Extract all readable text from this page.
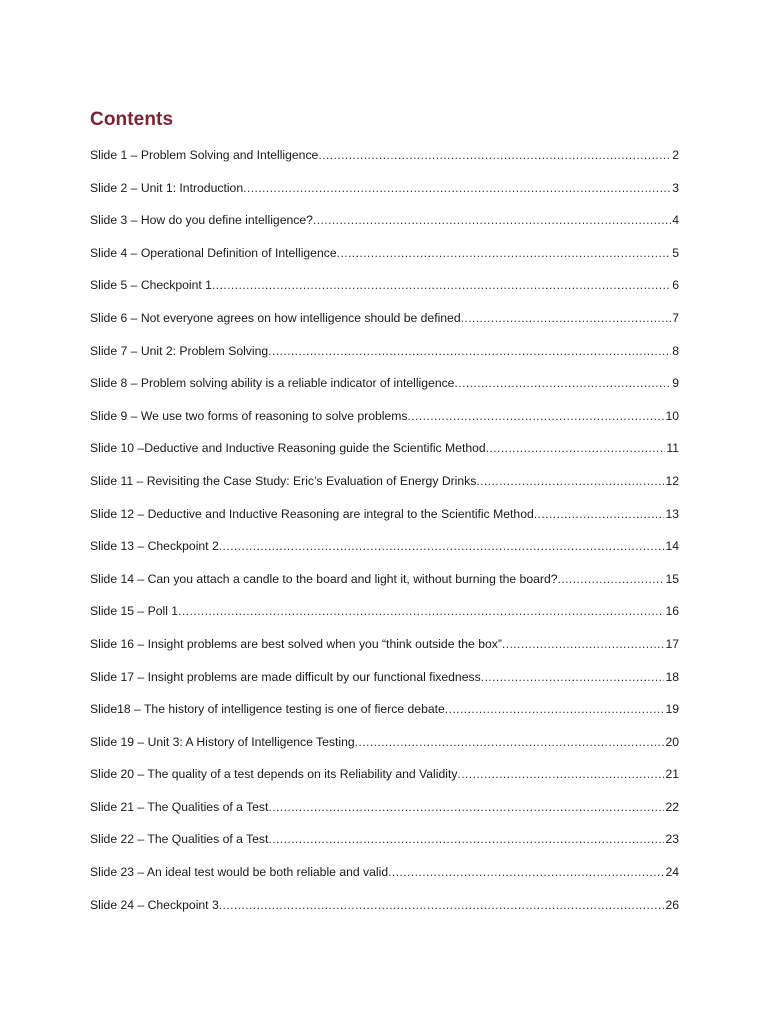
Contents
Slide 1 – Problem Solving and Intelligence .....	2
Slide 2 – Unit 1: Introduction .....	3
Slide 3 – How do you define intelligence? .....	4
Slide 4 – Operational Definition of Intelligence .....	5
Slide 5 – Checkpoint 1 .....	6
Slide 6 – Not everyone agrees on how intelligence should be defined .....	7
Slide 7 – Unit 2: Problem Solving .....	8
Slide 8 – Problem solving ability is a reliable indicator of intelligence .....	9
Slide 9 – We use two forms of reasoning to solve problems .....	10
Slide 10 –Deductive and Inductive Reasoning guide the Scientific Method .....	11
Slide 11 – Revisiting the Case Study: Eric’s Evaluation of Energy Drinks .....	12
Slide 12 – Deductive and Inductive Reasoning are integral to the Scientific Method .....	13
Slide 13 – Checkpoint 2 .....	14
Slide 14 – Can you attach a candle to the board and light it, without burning the board? .....	15
Slide 15 – Poll 1 .....	16
Slide 16 – Insight problems are best solved when you “think outside the box” .....	17
Slide 17 – Insight problems are made difficult by our functional fixedness .....	18
Slide18 – The history of intelligence testing is one of fierce debate .....	19
Slide 19 – Unit 3: A History of Intelligence Testing .....	20
Slide 20 – The quality of a test depends on its Reliability and Validity .....	21
Slide 21 – The Qualities of a Test .....	22
Slide 22 – The Qualities of a Test .....	23
Slide 23 – An ideal test would be both reliable and valid .....	24
Slide 24 – Checkpoint 3 .....	26
